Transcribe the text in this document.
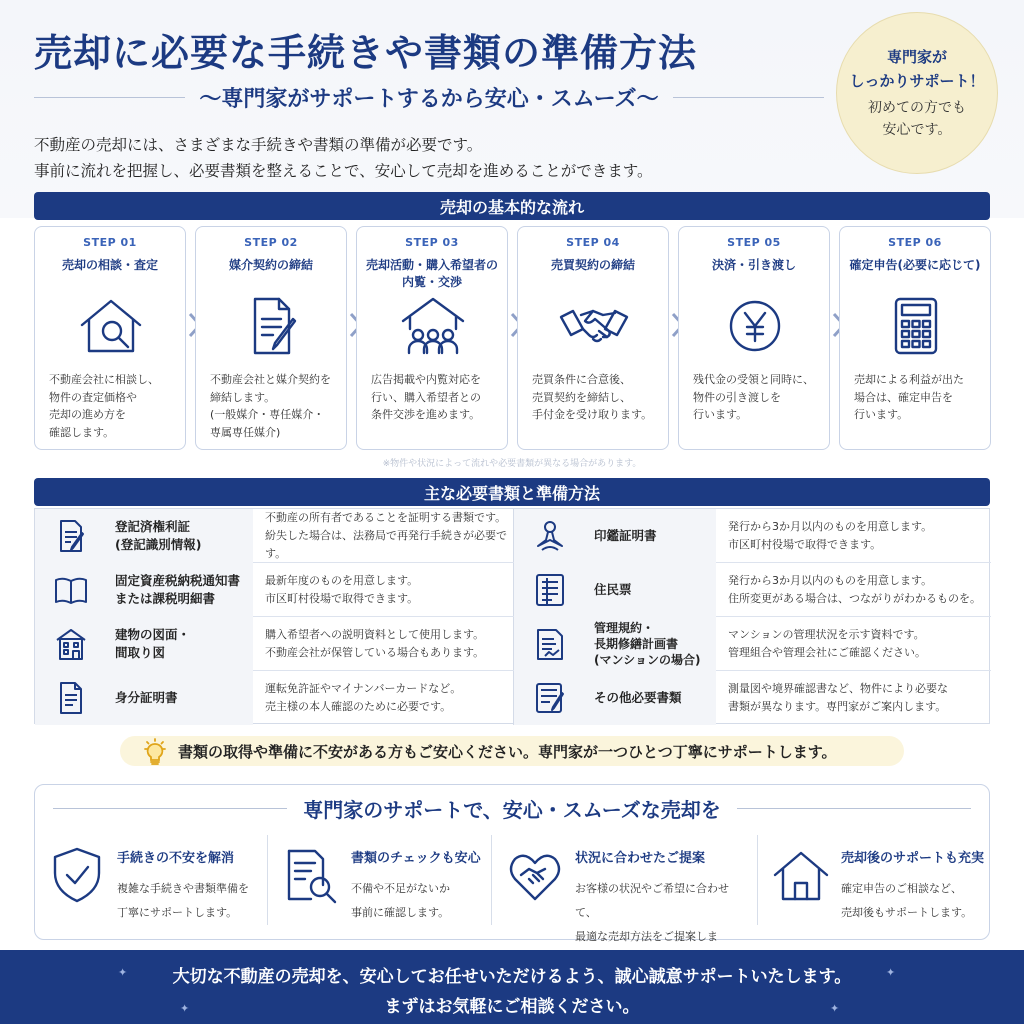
売却に必要な手続きや書類の準備方法
〜専門家がサポートするから安心・スムーズ〜
専門家が
しっかりサポート！
初めての方でも
安心です。
不動産の売却には、さまざまな手続きや書類の準備が必要です。
事前に流れを把握し、必要書類を整えることで、安心して売却を進めることができます。
売却の基本的な流れ
STEP 01
売却の相談・査定
不動産会社に相談し、
物件の査定価格や
売却の進め方を
確認します。
STEP 02
媒介契約の締結
不動産会社と媒介契約を
締結します。
(一般媒介・専任媒介・
専属専任媒介)
STEP 03
売却活動・購入希望者の
内覧・交渉
広告掲載や内覧対応を
行い、購入希望者との
条件交渉を進めます。
STEP 04
売買契約の締結
売買条件に合意後、
売買契約を締結し、
手付金を受け取ります。
STEP 05
決済・引き渡し
残代金の受領と同時に、
物件の引き渡しを
行います。
STEP 06
確定申告(必要に応じて)
売却による利益が出た
場合は、確定申告を
行います。
※物件や状況によって流れや必要書類が異なる場合があります。
主な必要書類と準備方法
登記済権利証
(登記識別情報)
不動産の所有者であることを証明する書類です。
紛失した場合は、法務局で再発行手続きが必要です。
印鑑証明書
発行から3か月以内のものを用意します。
市区町村役場で取得できます。
固定資産税納税通知書
または課税明細書
最新年度のものを用意します。
市区町村役場で取得できます。
住民票
発行から3か月以内のものを用意します。
住所変更がある場合は、つながりがわかるものを。
建物の図面・
間取り図
購入希望者への説明資料として使用します。
不動産会社が保管している場合もあります。
管理規約・
長期修繕計画書
(マンションの場合)
マンションの管理状況を示す資料です。
管理組合や管理会社にご確認ください。
身分証明書
運転免許証やマイナンバーカードなど。
売主様の本人確認のために必要です。
その他必要書類
測量図や境界確認書など、物件により必要な
書類が異なります。専門家がご案内します。
書類の取得や準備に不安がある方もご安心ください。専門家が一つひとつ丁寧にサポートします。
専門家のサポートで、安心・スムーズな売却を
手続きの不安を解消
複雑な手続きや書類準備を
丁寧にサポートします。
書類のチェックも安心
不備や不足がないか
事前に確認します。
状況に合わせたご提案
お客様の状況やご希望に合わせて、
最適な売却方法をご提案しま
売却後のサポートも充実
確定申告のご相談など、
売却後もサポートします。
✦	✦
✦	✦
大切な不動産の売却を、安心してお任せいただけるよう、誠心誠意サポートいたします。
まずはお気軽にご相談ください。
